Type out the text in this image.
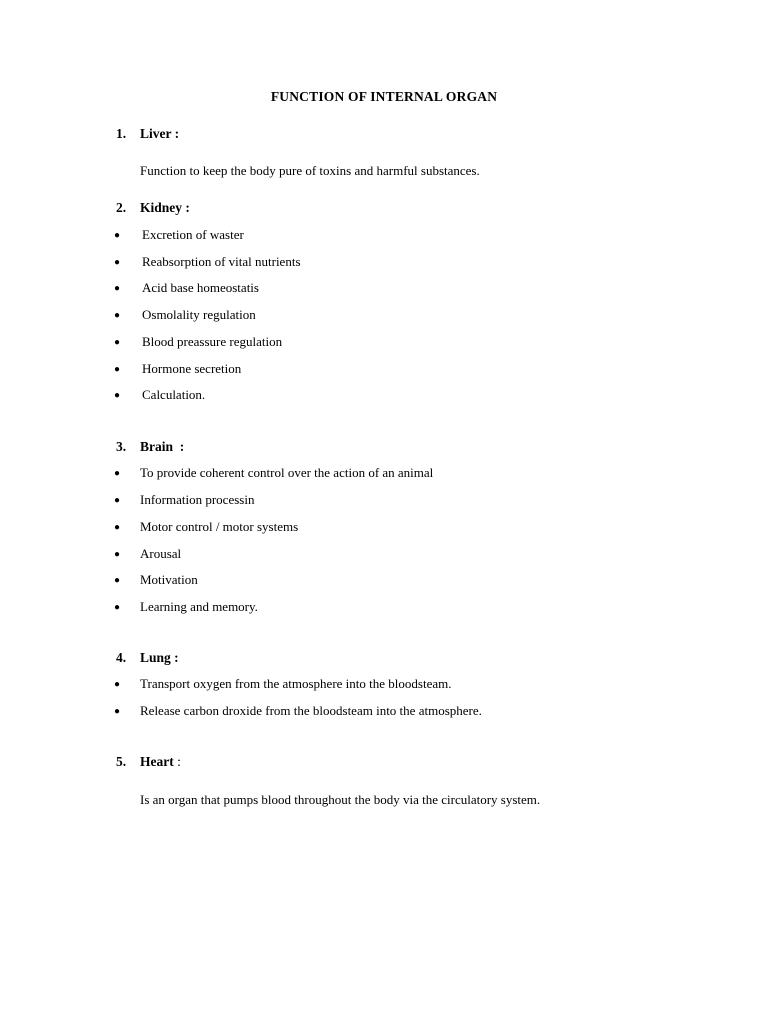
FUNCTION OF INTERNAL ORGAN
1. Liver :
Function to keep the body pure of toxins and harmful substances.
2. Kidney :
● Excretion of waster
● Reabsorption of vital nutrients
● Acid base homeostatis
● Osmolality regulation
● Blood preassure regulation
● Hormone secretion
● Calculation.
3. Brain  :
● To provide coherent control over the action of an animal
● Information processin
● Motor control / motor systems
● Arousal
● Motivation
● Learning and memory.
4. Lung :
● Transport oxygen from the atmosphere into the bloodsteam.
● Release carbon droxide from the bloodsteam into the atmosphere.
5. Heart :
Is an organ that pumps blood throughout the body via the circulatory system.
